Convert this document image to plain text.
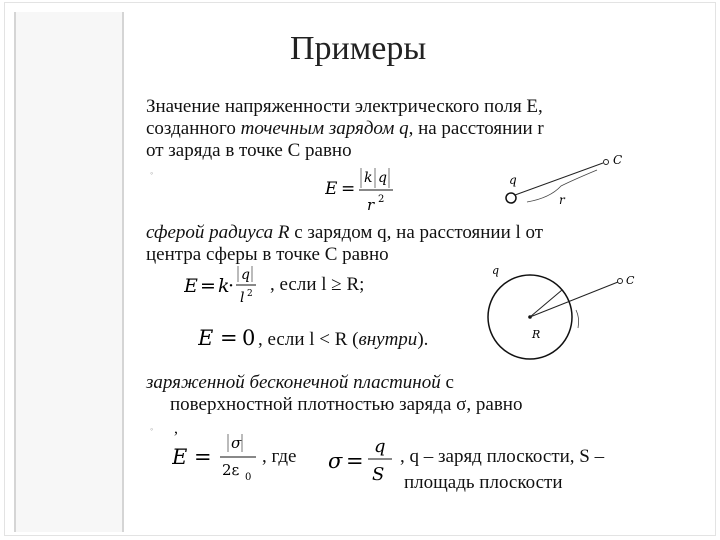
Примеры
Значение напряженности электрического поля Е,
созданного точечным зарядом q, на расстоянии r
от заряда в точке С равно
◦
E =
k q
r 2
C
q
r
сферой радиуса R с зарядом q, на расстоянии l от
центра сферы в точке C равно
E = k
· q
l 2 , если l ≥ R;
E = 0 , если l < R (внутри).
C
q
R
заряженной бесконечной пластиной с
поверхностной плотностью заряда σ, равно
◦ ,
E =
σ
2ε 0
, где σ =
q
S
, q – заряд плоскости, S –
площадь плоскости
